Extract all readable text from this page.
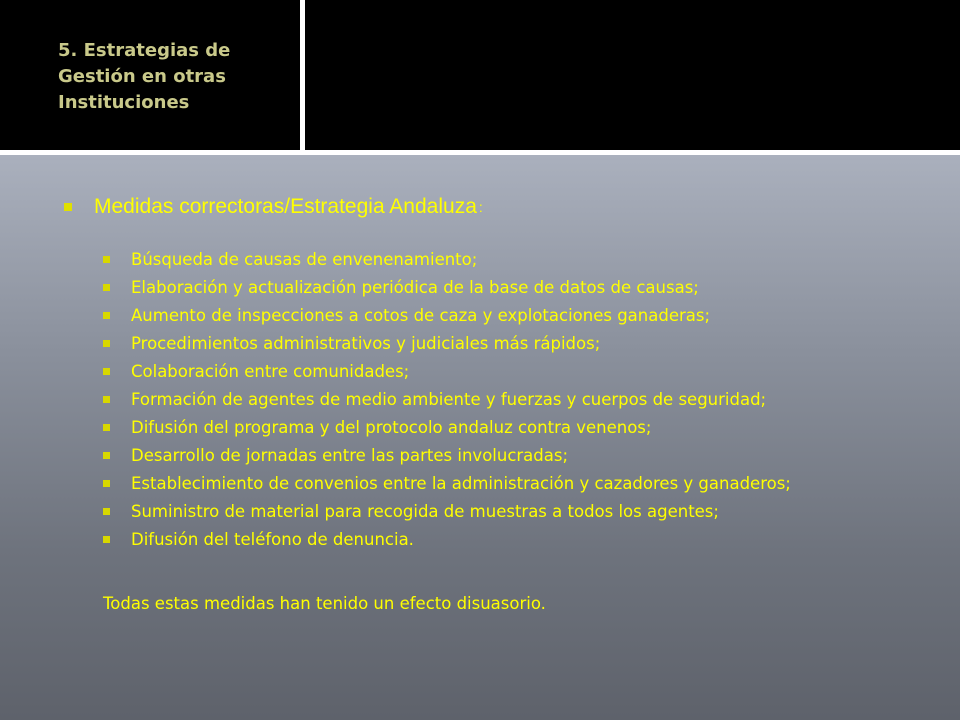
5. Estrategias de
Gestión en otras
Instituciones
Medidas correctoras/Estrategia Andaluza :
Búsqueda de causas de envenenamiento;
Elaboración y actualización periódica de la base de datos de causas;
Aumento de inspecciones a cotos de caza y explotaciones ganaderas;
Procedimientos administrativos y judiciales más rápidos;
Colaboración entre comunidades;
Formación de agentes de medio ambiente y fuerzas y cuerpos de seguridad;
Difusión del programa y del protocolo andaluz contra venenos;
Desarrollo de jornadas entre las partes involucradas;
Establecimiento de convenios entre la administración y cazadores y ganaderos;
Suministro de material para recogida de muestras a todos los agentes;
Difusión del teléfono de denuncia.
Todas estas medidas han tenido un efecto disuasorio.
